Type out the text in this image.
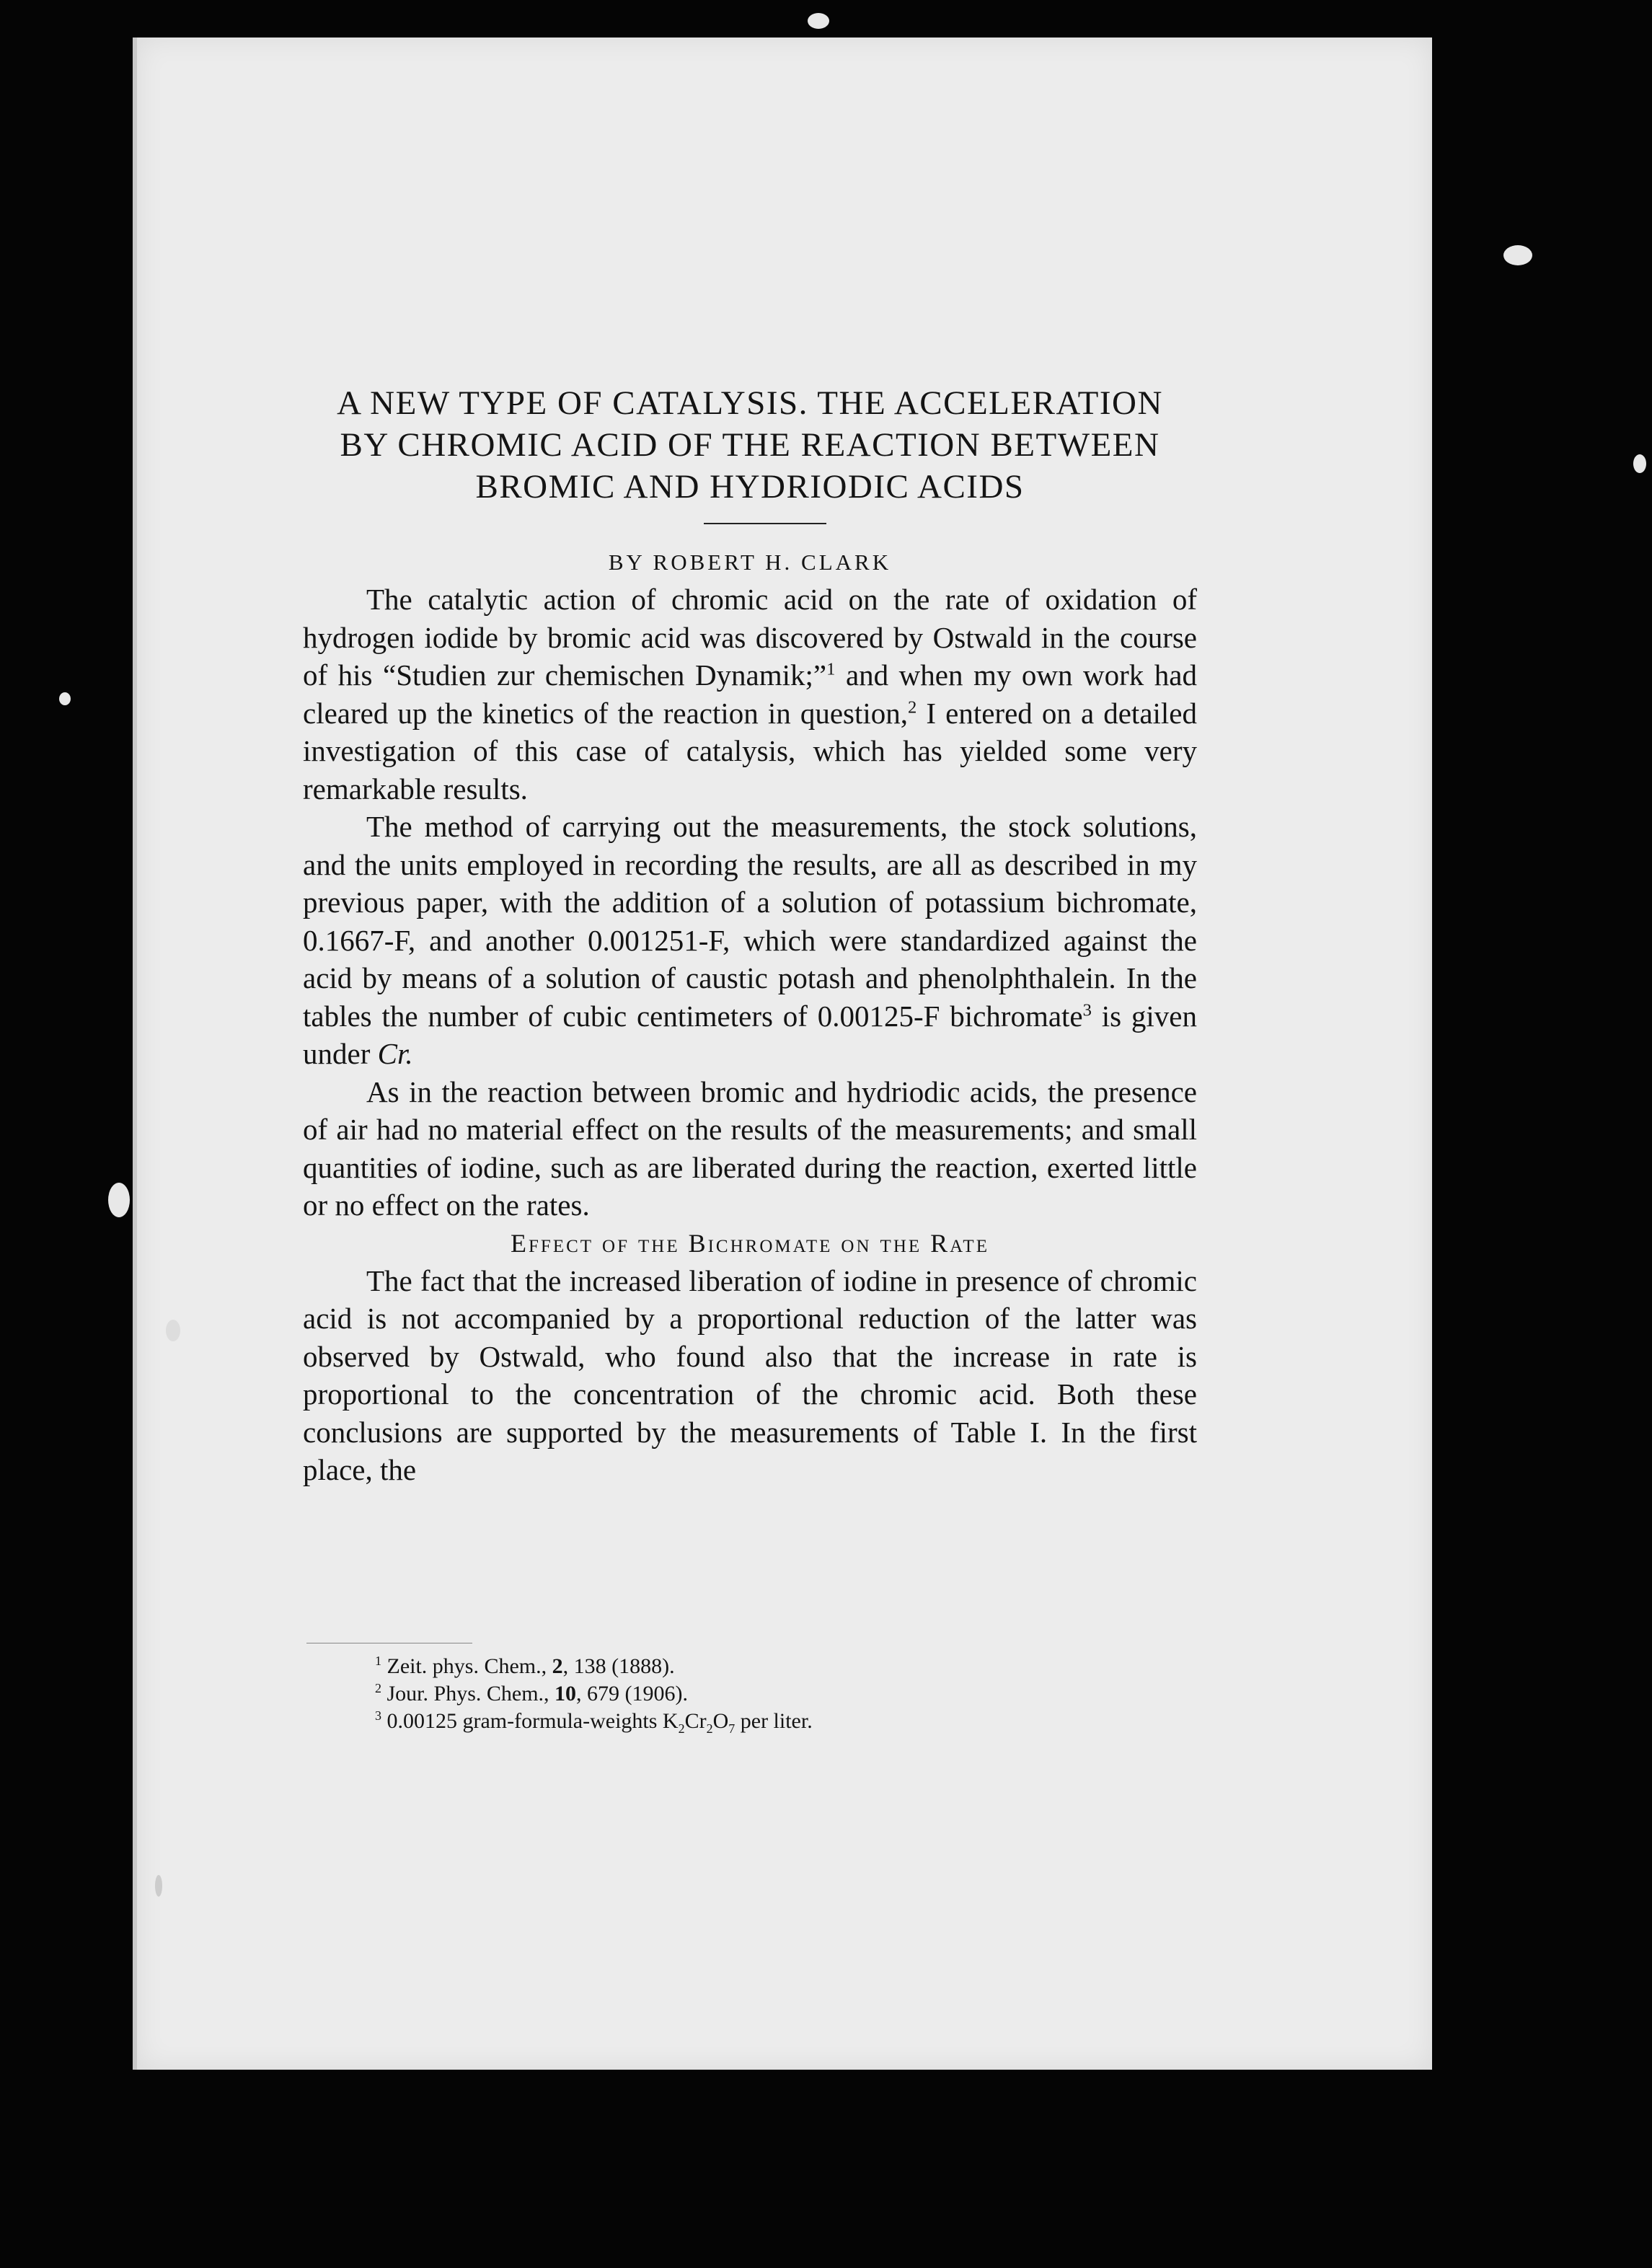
A NEW TYPE OF CATALYSIS. THE ACCELERATION
BY CHROMIC ACID OF THE REACTION BETWEEN
BROMIC AND HYDRIODIC ACIDS
BY ROBERT H. CLARK

The catalytic action of chromic acid on the rate of oxidation of hydrogen iodide by bromic acid was discovered by Ostwald in the course of his “Studien zur chemischen Dynamik;”$^1$ and when my own work had cleared up the kinetics of the reaction in question,$^2$ I entered on a detailed investigation of this case of catalysis, which has yielded some very remarkable results.

The method of carrying out the measurements, the stock solutions, and the units employed in recording the results, are all as described in my previous paper, with the addition of a solution of potassium bichromate, 0.1667-F, and another 0.001251-F, which were standardized against the acid by means of a solution of caustic potash and phenolphthalein. In the tables the number of cubic centimeters of 0.00125-F bichromate$^3$ is given under Cr.

As in the reaction between bromic and hydriodic acids, the presence of air had no material effect on the results of the measurements; and small quantities of iodine, such as are liberated during the reaction, exerted little or no effect on the rates.

Effect of the Bichromate on the Rate

The fact that the increased liberation of iodine in presence of chromic acid is not accompanied by a proportional reduction of the latter was observed by Ostwald, who found also that the increase in rate is proportional to the concentration of the chromic acid. Both these conclusions are supported by the measurements of Table I. In the first place, the

$^1$ Zeit. phys. Chem., 2, 138 (1888).
$^2$ Jour. Phys. Chem., 10, 679 (1906).
$^3$ 0.00125 gram-formula-weights $K_2Cr_2O_7$ per liter.
